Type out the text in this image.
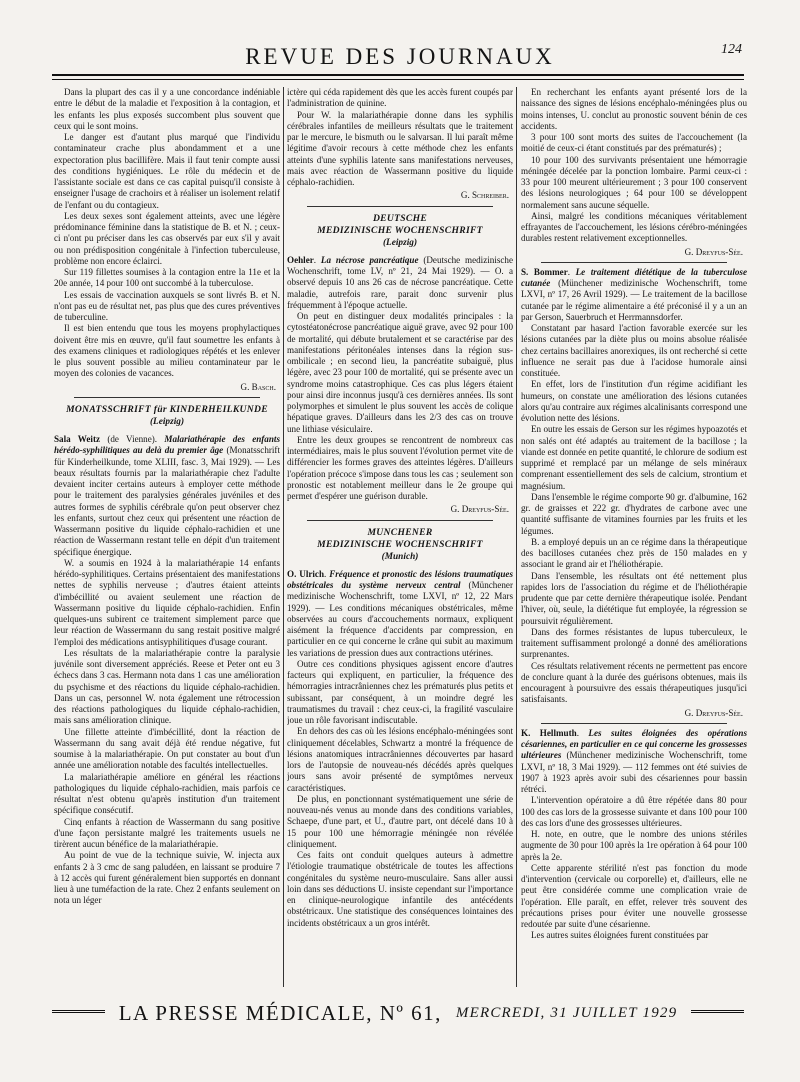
REVUE DES JOURNAUX	124

Dans la plupart des cas il y a une concordance indéniable entre le début de la maladie et l'exposition à la contagion, et les enfants les plus exposés succombent plus souvent que ceux qui le sont moins.

Le danger est d'autant plus marqué que l'individu contaminateur crache plus abondamment et a une expectoration plus bacillifère. Mais il faut tenir compte aussi des conditions hygiéniques. Le rôle du médecin et de l'assistante sociale est dans ce cas capital puisqu'il consiste à enseigner l'usage de crachoirs et à réaliser un isolement relatif de l'enfant ou du contagieux.

Les deux sexes sont également atteints, avec une légère prédominance féminine dans la statistique de B. et N. ; ceux-ci n'ont pu préciser dans les cas observés par eux s'il y avait ou non prédisposition congénitale à l'infection tuberculeuse, problème non encore éclairci.

Sur 119 fillettes soumises à la contagion entre la 11e et la 20e année, 14 pour 100 ont succombé à la tuberculose.

Les essais de vaccination auxquels se sont livrés B. et N. n'ont pas eu de résultat net, pas plus que des cures préventives de tuberculine.

Il est bien entendu que tous les moyens prophylactiques doivent être mis en œuvre, qu'il faut soumettre les enfants à des examens cliniques et radiologiques répétés et les enlever le plus souvent possible au milieu contaminateur par le moyen des colonies de vacances.

G. Basch.

MONATSSCHRIFT für KINDERHEILKUNDE
( Leipzig )

Sala Weitz (de Vienne). Malariathérapie des enfants hérédo-syphilitiques au delà du premier âge (Monatsschrift für Kinderheilkunde, tome XLIII, fasc. 3, Mai 1929). — Les beaux résultats fournis par la malariathérapie chez l'adulte devaient inciter certains auteurs à employer cette méthode pour le traitement des paralysies générales juvéniles et des autres formes de syphilis cérébrale qu'on peut observer chez les enfants, surtout chez ceux qui présentent une réaction de Wassermann positive du liquide céphalo-rachidien et une réaction de Wassermann restant telle en dépit d'un traitement spécifique énergique.

W. a soumis en 1924 à la malariathérapie 14 enfants hérédo-syphilitiques. Certains présentaient des manifestations nettes de syphilis nerveuse ; d'autres étaient atteints d'imbécillité ou avaient seulement une réaction de Wassermann positive du liquide céphalo-rachidien. Enfin quelques-uns subirent ce traitement simplement parce que leur réaction de Wassermann du sang restait positive malgré l'emploi des médications antisyphilitiques d'usage courant.

Les résultats de la malariathérapie contre la paralysie juvénile sont diversement appréciés. Reese et Peter ont eu 3 échecs dans 3 cas. Hermann nota dans 1 cas une amélioration du psychisme et des réactions du liquide céphalo-rachidien. Dans un cas, personnel W. nota également une rétrocession des réactions pathologiques du liquide céphalo-rachidien, mais sans amélioration clinique.

Une fillette atteinte d'imbécillité, dont la réaction de Wassermann du sang avait déjà été rendue négative, fut soumise à la malariathérapie. On put constater au bout d'un année une amélioration notable des facultés intellectuelles.

La malariathérapie améliore en général les réactions pathologiques du liquide céphalo-rachidien, mais parfois ce résultat n'est obtenu qu'après institution d'un traitement spécifique consécutif.

Cinq enfants à réaction de Wassermann du sang positive d'une façon persistante malgré les traitements usuels ne tirèrent aucun bénéfice de la malariathérapie.

Au point de vue de la technique suivie, W. injecta aux enfants 2 à 3 cmc de sang paludéen, en laissant se produire 7 à 12 accès qui furent généralement bien supportés en donnant lieu à une tuméfaction de la rate. Chez 2 enfants seulement on nota un léger

ictère qui céda rapidement dès que les accès furent coupés par l'administration de quinine.

Pour W. la malariathérapie donne dans les syphilis cérébrales infantiles de meilleurs résultats que le traitement par le mercure, le bismuth ou le salvarsan. Il lui paraît même légitime d'avoir recours à cette méthode chez les enfants atteints d'une syphilis latente sans manifestations nerveuses, mais avec réaction de Wassermann positive du liquide céphalo-rachidien.

G. Schreiber.

DEUTSCHE
MEDIZINISCHE WOCHENSCHRIFT
( Leipzig )

Oehler. La nécrose pancréatique (Deutsche medizinische Wochenschrift, tome LV, nº 21, 24 Mai 1929). — O. a observé depuis 10 ans 26 cas de nécrose pancréatique. Cette maladie, autrefois rare, parait donc survenir plus fréquemment à l'époque actuelle.

On peut en distinguer deux modalités principales : la cytostéatonécrose pancréatique aiguë grave, avec 92 pour 100 de mortalité, qui débute brutalement et se caractérise par des manifestations péritonéales intenses dans la région sus-ombilicale ; en second lieu, la pancréatite subaiguë, plus légère, avec 23 pour 100 de mortalité, qui se présente avec un syndrome moins catastrophique. Ces cas plus légers étaient pour ainsi dire inconnus jusqu'à ces dernières années. Ils sont polymorphes et simulent le plus souvent les accès de colique hépatique graves. D'ailleurs dans les 2/3 des cas on trouve une lithiase vésiculaire.

Entre les deux groupes se rencontrent de nombreux cas intermédiaires, mais le plus souvent l'évolution permet vite de différencier les formes graves des atteintes légères. D'ailleurs l'opération précoce s'impose dans tous les cas ; seulement son pronostic est notablement meilleur dans le 2e groupe qui permet d'espérer une guérison durable.

G. Dreyfus-Sée.

MUNCHENER
MEDIZINISCHE WOCHENSCHRIFT
( Munich )

O. Ulrich. Fréquence et pronostic des lésions traumatiques obstétricales du système nerveux central (Münchener medizinische Wochenschrift, tome LXVI, nº 12, 22 Mars 1929). — Les conditions mécaniques obstétricales, même observées au cours d'accouchements normaux, expliquent aisément la fréquence d'accidents par compression, en particulier en ce qui concerne le crâne qui subit au maximum les variations de pression dues aux contractions utérines.

Outre ces conditions physiques agissent encore d'autres facteurs qui expliquent, en particulier, la fréquence des hémorragies intracrâniennes chez les prématurés plus petits et subissant, par conséquent, à un moindre degré les traumatismes du travail : chez ceux-ci, la fragilité vasculaire joue un rôle favorisant indiscutable.

En dehors des cas où les lésions encéphalo-méningées sont cliniquement décelables, Schwartz a montré la fréquence de lésions anatomiques intracrâniennes découvertes par hasard lors de l'autopsie de nouveau-nés décédés après quelques jours sans avoir présenté de symptômes nerveux caractéristiques.

De plus, en ponctionnant systématiquement une série de nouveau-nés venus au monde dans des conditions variables, Schaepe, d'une part, et U., d'autre part, ont décelé dans 10 à 15 pour 100 une hémorragie méningée non révélée cliniquement.

Ces faits ont conduit quelques auteurs à admettre l'étiologie traumatique obstétricale de toutes les affections congénitales du système neuro-musculaire. Sans aller aussi loin dans ses déductions U. insiste cependant sur l'importance en clinique-neurologique infantile des antécédents obstétricaux. Une statistique des conséquences lointaines des incidents obstétricaux a un gros intérêt.

En recherchant les enfants ayant présenté lors de la naissance des signes de lésions encéphalo-méningées plus ou moins intenses, U. conclut au pronostic souvent bénin de ces accidents.

3 pour 100 sont morts des suites de l'accouchement (la moitié de ceux-ci étant constitués par des prématurés) ;

10 pour 100 des survivants présentaient une hémorragie méningée décelée par la ponction lombaire. Parmi ceux-ci : 33 pour 100 meurent ultérieurement ; 3 pour 100 conservent des lésions neurologiques ; 64 pour 100 se développent normalement sans aucune séquelle.

Ainsi, malgré les conditions mécaniques véritablement effrayantes de l'accouchement, les lésions cérébro-méningées durables restent relativement exceptionnelles.

G. Dreyfus-Sée.

S. Bommer. Le traitement diététique de la tuberculose cutanée (Münchener medizinische Wochenschrift, tome LXVI, nº 17, 26 Avril 1929). — Le traitement de la bacillose cutanée par le régime alimentaire a été préconisé il y a un an par Gerson, Sauerbruch et Herrmannsdorfer.

Constatant par hasard l'action favorable exercée sur les lésions cutanées par la diète plus ou moins absolue réalisée chez certains bacillaires anorexiques, ils ont recherché si cette influence ne serait pas due à l'acidose humorale ainsi constituée.

En effet, lors de l'institution d'un régime acidifiant les humeurs, on constate une amélioration des lésions cutanées alors qu'au contraire aux régimes alcalinisants correspond une évolution nette des lésions.

En outre les essais de Gerson sur les régimes hypoazotés et non salés ont été adaptés au traitement de la bacillose ; la viande est donnée en petite quantité, le chlorure de sodium est supprimé et remplacé par un mélange de sels minéraux comprenant essentiellement des sels de calcium, strontium et magnésium.

Dans l'ensemble le régime comporte 90 gr. d'albumine, 162 gr. de graisses et 222 gr. d'hydrates de carbone avec une quantité suffisante de vitamines fournies par les fruits et les légumes.

B. a employé depuis un an ce régime dans la thérapeutique des bacilloses cutanées chez près de 150 malades en y associant le grand air et l'héliothérapie.

Dans l'ensemble, les résultats ont été nettement plus rapides lors de l'association du régime et de l'héliothérapie prudente que par cette dernière thérapeutique isolée. Pendant l'hiver, où, seule, la diététique fut employée, la régression se poursuivit régulièrement.

Dans des formes résistantes de lupus tuberculeux, le traitement suffisamment prolongé a donné des améliorations surprenantes.

Ces résultats relativement récents ne permettent pas encore de conclure quant à la durée des guérisons obtenues, mais ils encouragent à poursuivre des essais thérapeutiques jusqu'ici satisfaisants.

G. Dreyfus-Sée.

K. Hellmuth. Les suites éloignées des opérations césariennes, en particulier en ce qui concerne les grossesses ultérieures (Münchener medizinische Wochenschrift, tome LXVI, nº 18, 3 Mai 1929). — 112 femmes ont été suivies de 1907 à 1923 après avoir subi des césariennes pour bassin rétréci.

L'intervention opératoire a dû être répétée dans 80 pour 100 des cas lors de la grossesse suivante et dans 100 pour 100 des cas lors d'une des grossesses ultérieures.

H. note, en outre, que le nombre des unions stériles augmente de 30 pour 100 après la 1re opération à 64 pour 100 après la 2e.

Cette apparente stérilité n'est pas fonction du mode d'intervention (cervicale ou corporelle) et, d'ailleurs, elle ne peut être considérée comme une complication vraie de l'opération. Elle paraît, en effet, relever très souvent des précautions prises pour éviter une nouvelle grossesse redoutée par suite d'une césarienne.

Les autres suites éloignées furent constituées par

LA PRESSE MÉDICALE, Nº 61, MERCREDI, 31 JUILLET 1929
